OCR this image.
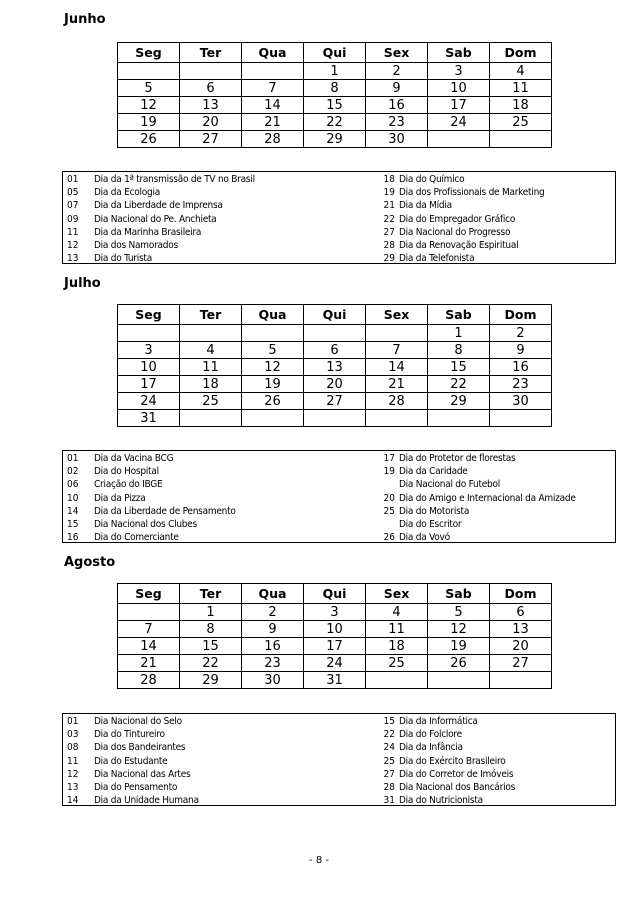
Junho
Seg	Ter	Qua	Qui	Sex	Sab	Dom
			1	2	3	4
5	6	7	8	9	10	11
12	13	14	15	16	17	18
19	20	21	22	23	24	25
26	27	28	29	30		
01 Dia da 1ª transmissão de TV no Brasil
05 Dia da Ecologia
07 Dia da Liberdade de Imprensa
09 Dia Nacional do Pe. Anchieta
11 Dia da Marinha Brasileira
12 Dia dos Namorados
13 Dia do Turista
18 Dia do Químico
19 Dia dos Profissionais de Marketing
21 Dia da Mídia
22 Dia do Empregador Gráfico
27 Dia Nacional do Progresso
28 Dia da Renovação Espiritual
29 Dia da Telefonista
Julho
Seg	Ter	Qua	Qui	Sex	Sab	Dom
					1	2
3	4	5	6	7	8	9
10	11	12	13	14	15	16
17	18	19	20	21	22	23
24	25	26	27	28	29	30
31						
01 Dia da Vacina BCG
02 Dia do Hospital
06 Criação do IBGE
10 Dia da Pizza
14 Dia da Liberdade de Pensamento
15 Dia Nacional dos Clubes
16 Dia do Comerciante
17 Dia do Protetor de florestas
19 Dia da Caridade
Dia Nacional do Futebol
20 Dia do Amigo e Internacional da Amizade
25 Dia do Motorista
Dia do Escritor
26 Dia da Vovó
Agosto
Seg	Ter	Qua	Qui	Sex	Sab	Dom
	1	2	3	4	5	6
7	8	9	10	11	12	13
14	15	16	17	18	19	20
21	22	23	24	25	26	27
28	29	30	31			
01 Dia Nacional do Selo
03 Dia do Tintureiro
08 Dia dos Bandeirantes
11 Dia do Estudante
12 Dia Nacional das Artes
13 Dia do Pensamento
14 Dia da Unidade Humana
15 Dia da Informática
22 Dia do Folclore
24 Dia da Infância
25 Dia do Exército Brasileiro
27 Dia do Corretor de Imóveis
28 Dia Nacional dos Bancários
31 Dia do Nutricionista
- 8 -
